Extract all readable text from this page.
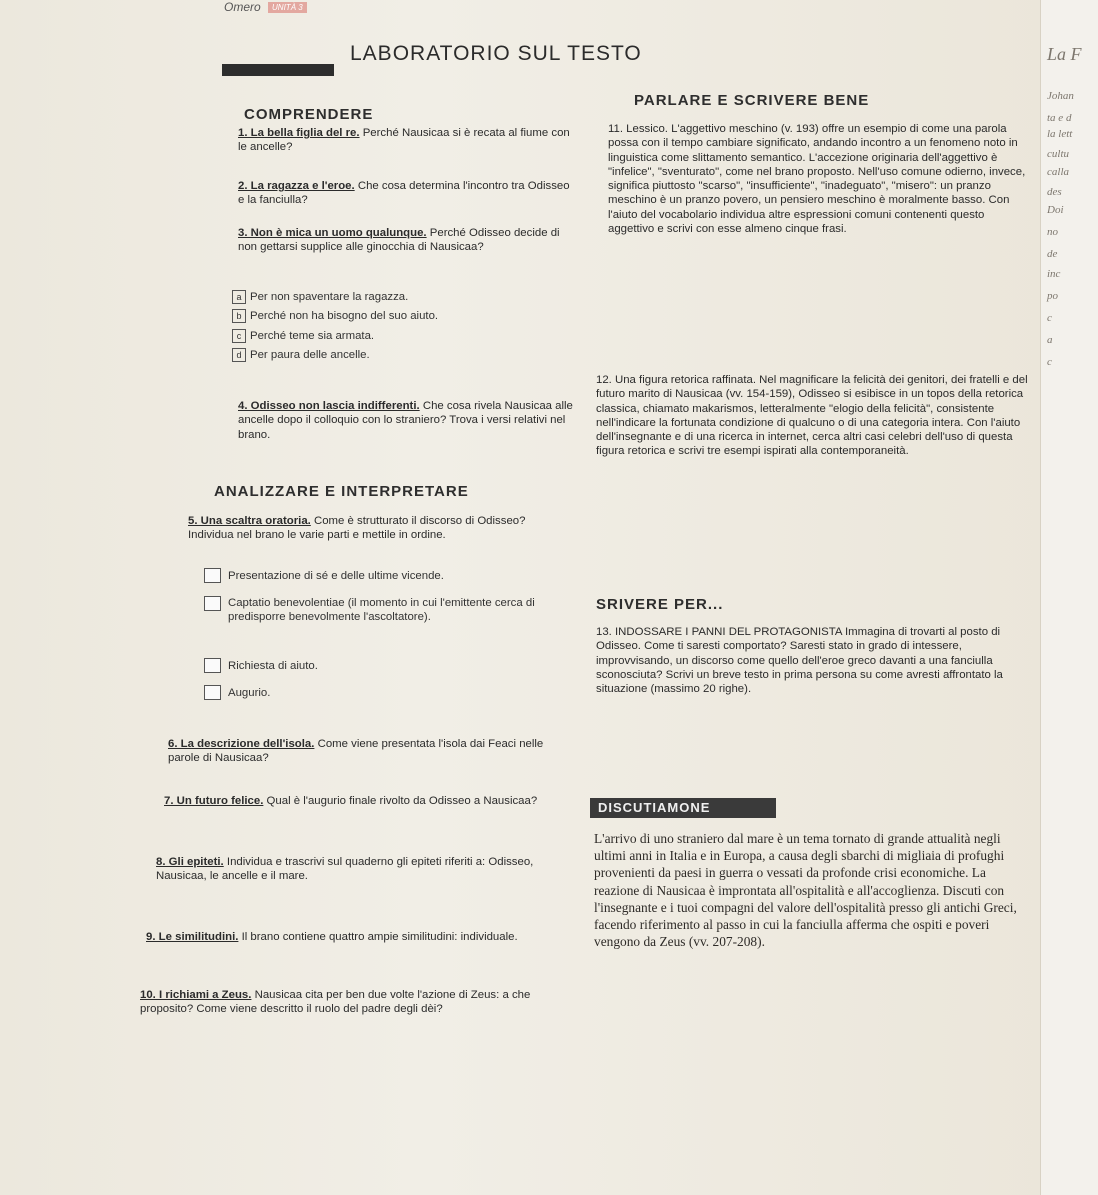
Omero UNITÀ 3
LABORATORIO SUL TESTO
COMPRENDERE
1. La bella figlia del re. Perché Nausicaa si è recata al fiume con le ancelle?
2. La ragazza e l'eroe. Che cosa determina l'incontro tra Odisseo e la fanciulla?
3. Non è mica un uomo qualunque. Perché Odisseo decide di non gettarsi supplice alle ginocchia di Nausicaa?
a Per non spaventare la ragazza.
b Perché non ha bisogno del suo aiuto.
c Perché teme sia armata.
d Per paura delle ancelle.
4. Odisseo non lascia indifferenti. Che cosa rivela Nausicaa alle ancelle dopo il colloquio con lo straniero? Trova i versi relativi nel brano.
ANALIZZARE E INTERPRETARE
5. Una scaltra oratoria. Come è strutturato il discorso di Odisseo? Individua nel brano le varie parti e mettile in ordine.
Presentazione di sé e delle ultime vicende.
Captatio benevolentiae (il momento in cui l'emittente cerca di predisporre benevolmente l'ascoltatore).
Richiesta di aiuto.
Augurio.
6. La descrizione dell'isola. Come viene presentata l'isola dai Feaci nelle parole di Nausicaa?
7. Un futuro felice. Qual è l'augurio finale rivolto da Odisseo a Nausicaa?
8. Gli epiteti. Individua e trascrivi sul quaderno gli epiteti riferiti a: Odisseo, Nausicaa, le ancelle e il mare.
9. Le similitudini. Il brano contiene quattro ampie similitudini: individuale.
10. I richiami a Zeus. Nausicaa cita per ben due volte l'azione di Zeus: a che proposito? Come viene descritto il ruolo del padre degli dèi?
PARLARE E SCRIVERE BENE
11. Lessico. L'aggettivo meschino (v. 193) offre un esempio di come una parola possa con il tempo cambiare significato, andando incontro a un fenomeno noto in linguistica come slittamento semantico. L'accezione originaria dell'aggettivo è "infelice", "sventurato", come nel brano proposto. Nell'uso comune odierno, invece, significa piuttosto "scarso", "insufficiente", "inadeguato", "misero": un pranzo meschino è un pranzo povero, un pensiero meschino è moralmente basso. Con l'aiuto del vocabolario individua altre espressioni comuni contenenti questo aggettivo e scrivi con esse almeno cinque frasi.
12. Una figura retorica raffinata. Nel magnificare la felicità dei genitori, dei fratelli e del futuro marito di Nausicaa (vv. 154-159), Odisseo si esibisce in un topos della retorica classica, chiamato makarismos, letteralmente "elogio della felicità", consistente nell'indicare la fortunata condizione di qualcuno o di una categoria intera. Con l'aiuto dell'insegnante e di una ricerca in internet, cerca altri casi celebri dell'uso di questa figura retorica e scrivi tre esempi ispirati alla contemporaneità.
SRIVERE PER...
13. INDOSSARE I PANNI DEL PROTAGONISTA Immagina di trovarti al posto di Odisseo. Come ti saresti comportato? Saresti stato in grado di intessere, improvvisando, un discorso come quello dell'eroe greco davanti a una fanciulla sconosciuta? Scrivi un breve testo in prima persona su come avresti affrontato la situazione (massimo 20 righe).
DISCUTIAMONE

L'arrivo di uno straniero dal mare è un tema tornato di grande attualità negli ultimi anni in Italia e in Europa, a causa degli sbarchi di migliaia di profughi provenienti da paesi in guerra o vessati da profonde crisi economiche. La reazione di Nausicaa è improntata all'ospitalità e all'accoglienza. Discuti con l'insegnante e i tuoi compagni del valore dell'ospitalità presso gli antichi Greci, facendo riferimento al passo in cui la fanciulla afferma che ospiti e poveri vengono da Zeus (vv. 207-208).

La F
Johan
ta e d
la lett
cultu
calla
des
Doi
no
de
inc
po
c
a
c
